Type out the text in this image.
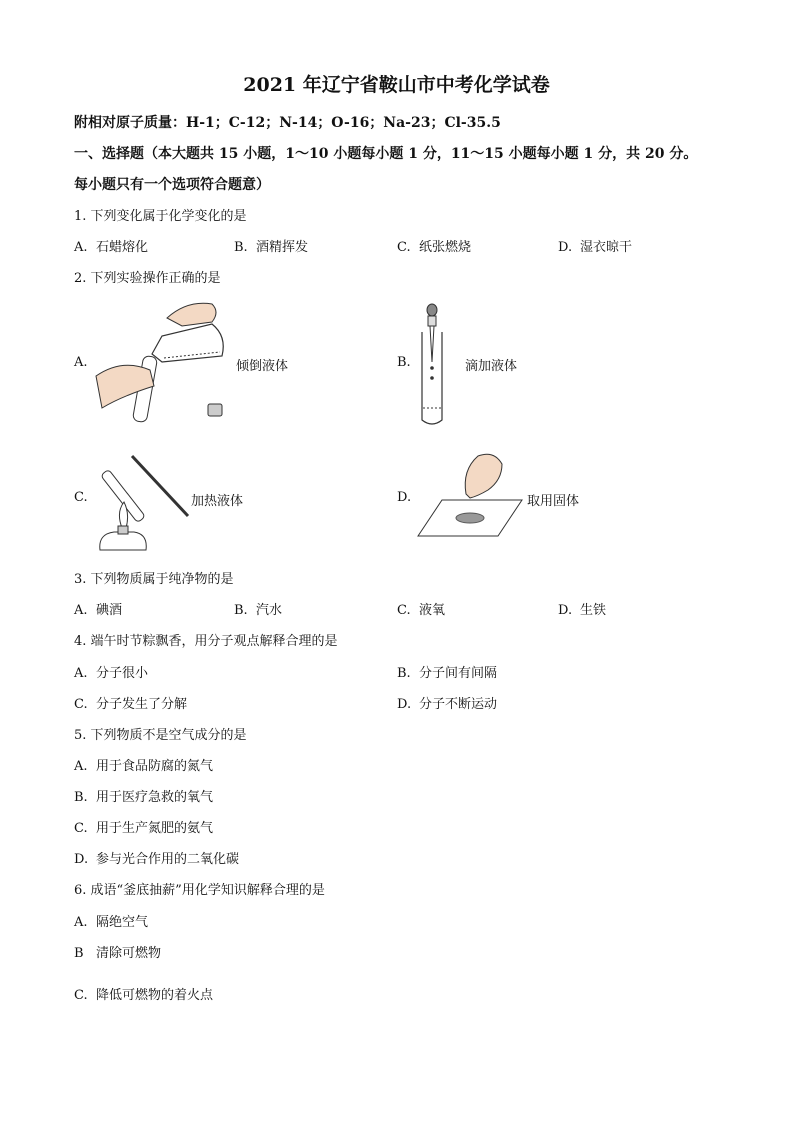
2021 年辽宁省鞍山市中考化学试卷
附相对原子质量：H-1；C-12；N-14；O-16；Na-23；Cl-35.5
一、选择题（本大题共 15 小题，1～10 小题每小题 1 分，11～15 小题每小题 1 分，共 20 分。
每小题只有一个选项符合题意）
1. 下列变化属于化学变化的是
A. 石蜡熔化	B. 酒精挥发	C. 纸张燃烧	D. 湿衣晾干
2. 下列实验操作正确的是
A.	倾倒液体	B.	滴加液体
C.	加热液体	D.	取用固体
3. 下列物质属于纯净物的是
A. 碘酒	B. 汽水	C. 液氧	D. 生铁
4. 端午时节粽飘香，用分子观点解释合理的是
A. 分子很小	B. 分子间有间隔
C. 分子发生了分解	D. 分子不断运动
5. 下列物质不是空气成分的是
A. 用于食品防腐的氮气
B. 用于医疗急救的氧气
C. 用于生产氮肥的氨气
D. 参与光合作用的二氧化碳
6. 成语“釜底抽薪”用化学知识解释合理的是
A. 隔绝空气
B 清除可燃物
C. 降低可燃物的着火点
